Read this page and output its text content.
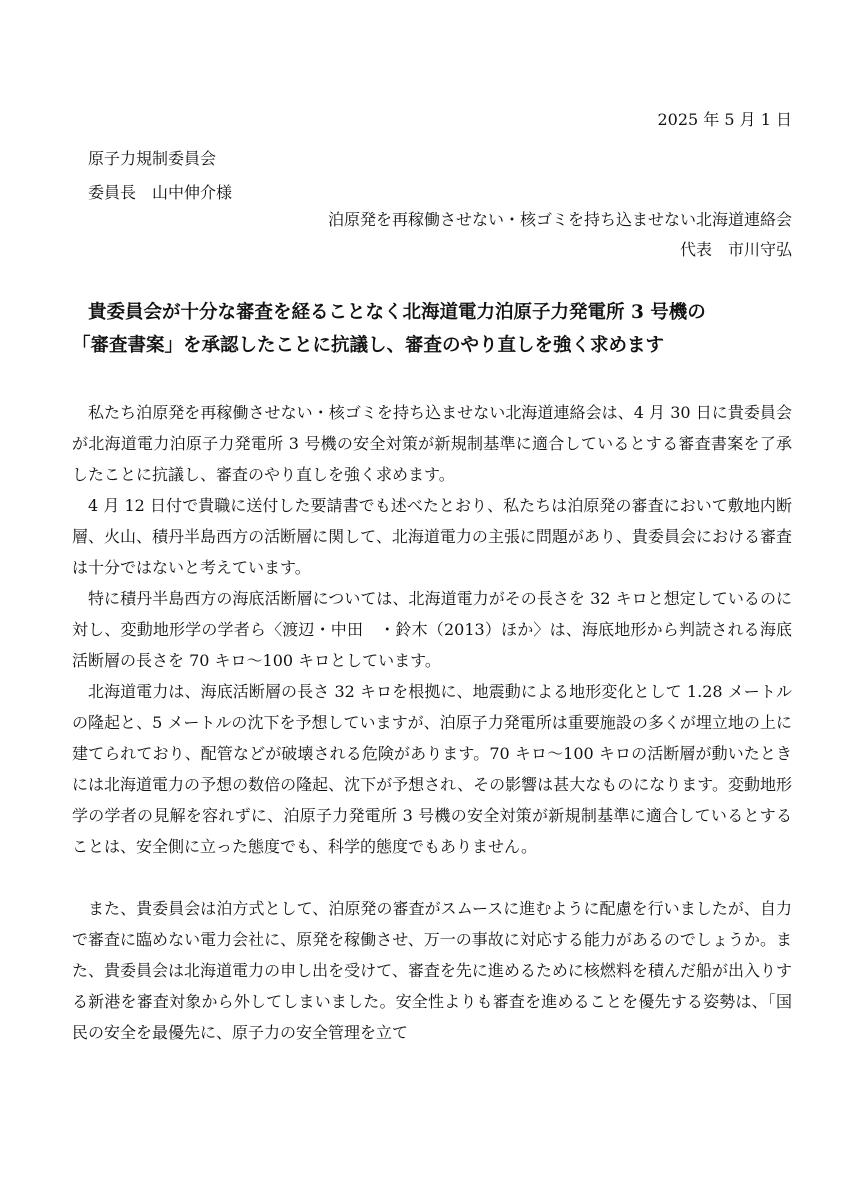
2025 年 5 月 1 日
原子力規制委員会
委員長　山中伸介様
泊原発を再稼働させない・核ゴミを持ち込ませない北海道連絡会
代表　市川守弘
貴委員会が十分な審査を経ることなく北海道電力泊原子力発電所 3 号機の
「審査書案」を承認したことに抗議し、審査のやり直しを強く求めます

私たち泊原発を再稼働させない・核ゴミを持ち込ませない北海道連絡会は、4 月 30 日に貴委員会が北海道電力泊原子力発電所 3 号機の安全対策が新規制基準に適合しているとする審査書案を了承したことに抗議し、審査のやり直しを強く求めます。

4 月 12 日付で貴職に送付した要請書でも述べたとおり、私たちは泊原発の審査において敷地内断層、火山、積丹半島西方の活断層に関して、北海道電力の主張に問題があり、貴委員会における審査は十分ではないと考えています。

特に積丹半島西方の海底活断層については、北海道電力がその長さを 32 キロと想定しているのに対し、変動地形学の学者ら〈渡辺・中田　・鈴木（2013）ほか〉は、海底地形から判読される海底活断層の長さを 70 キロ〜100 キロとしています。

北海道電力は、海底活断層の長さ 32 キロを根拠に、地震動による地形変化として 1.28 メートルの隆起と、5 メートルの沈下を予想していますが、泊原子力発電所は重要施設の多くが埋立地の上に建てられており、配管などが破壊される危険があります。70 キロ〜100 キロの活断層が動いたときには北海道電力の予想の数倍の隆起、沈下が予想され、その影響は甚大なものになります。変動地形学の学者の見解を容れずに、泊原子力発電所 3 号機の安全対策が新規制基準に適合しているとすることは、安全側に立った態度でも、科学的態度でもありません。

また、貴委員会は泊方式として、泊原発の審査がスムースに進むように配慮を行いましたが、自力で審査に臨めない電力会社に、原発を稼働させ、万一の事故に対応する能力があるのでしょうか。また、貴委員会は北海道電力の申し出を受けて、審査を先に進めるために核燃料を積んだ船が出入りする新港を審査対象から外してしまいました。安全性よりも審査を進めることを優先する姿勢は、「国民の安全を最優先に、原子力の安全管理を立て
